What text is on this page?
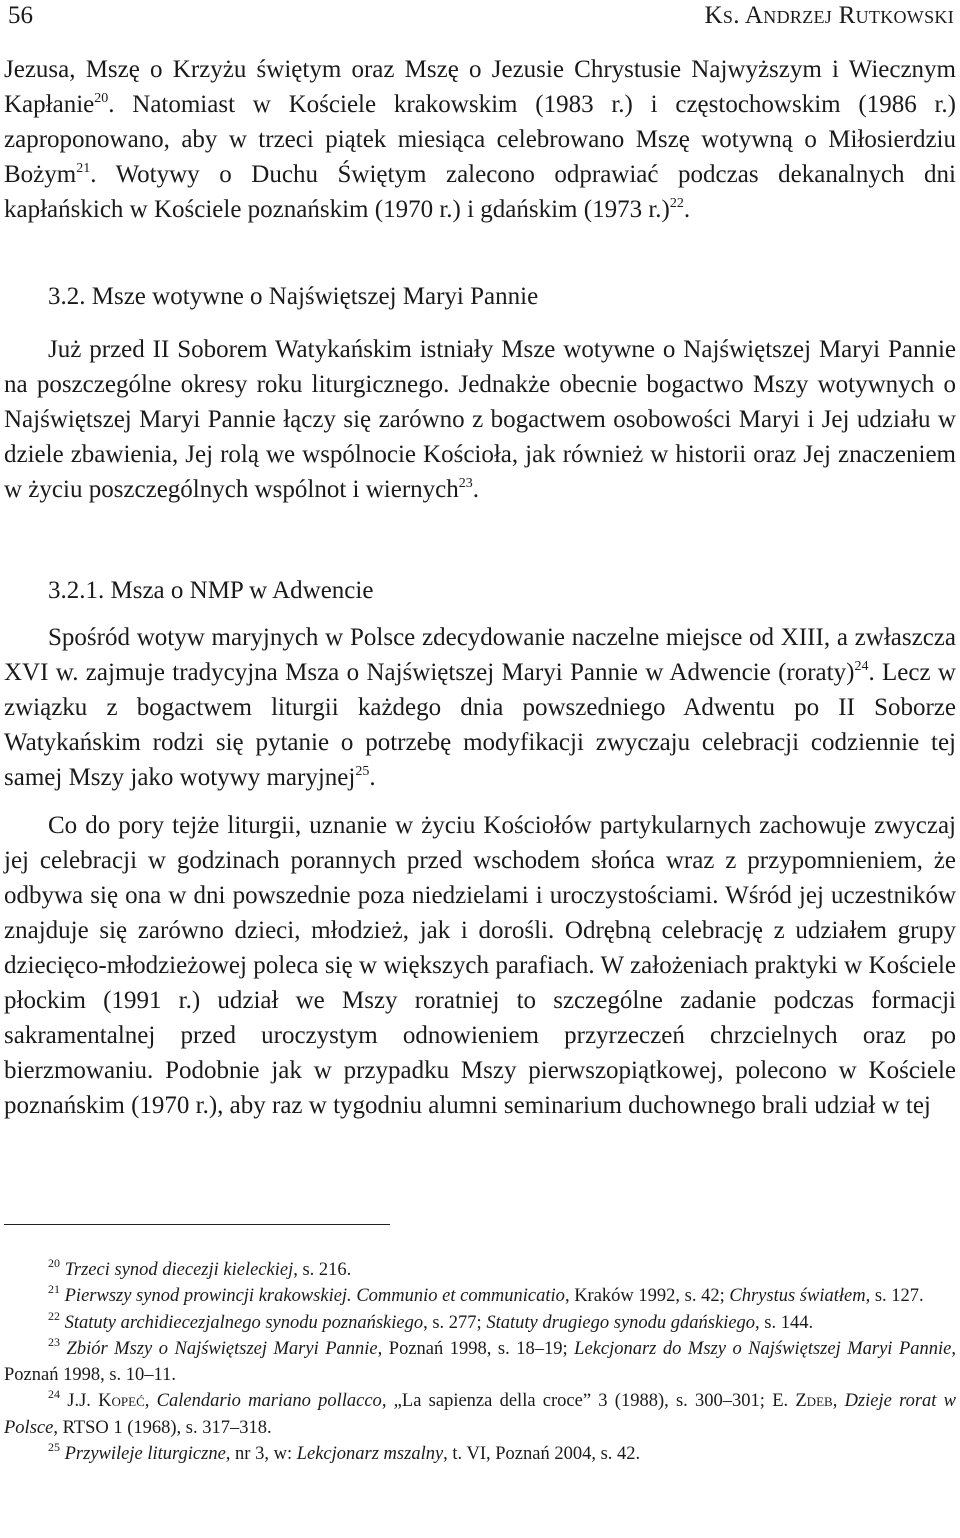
56	Ks. Andrzej Rutkowski

Jezusa, Mszę o Krzyżu świętym oraz Mszę o Jezusie Chrystusie Najwyższym i Wiecznym Kapłanie$^{20}$. Natomiast w Kościele krakowskim (1983 r.) i częstochowskim (1986 r.) zaproponowano, aby w trzeci piątek miesiąca celebrowano Mszę wotywną o Miłosierdziu Bożym$^{21}$. Wotywy o Duchu Świętym zalecono odprawiać podczas dekanalnych dni kapłańskich w Kościele poznańskim (1970 r.) i gdańskim (1973 r.)$^{22}$.

3.2. Msze wotywne o Najświętszej Maryi Pannie

Już przed II Soborem Watykańskim istniały Msze wotywne o Najświętszej Maryi Pannie na poszczególne okresy roku liturgicznego. Jednakże obecnie bogactwo Mszy wotywnych o Najświętszej Maryi Pannie łączy się zarówno z bogactwem osobowości Maryi i Jej udziału w dziele zbawienia, Jej rolą we wspólnocie Kościoła, jak również w historii oraz Jej znaczeniem w życiu poszczególnych wspólnot i wiernych$^{23}$.

3.2.1. Msza o NMP w Adwencie

Spośród wotyw maryjnych w Polsce zdecydowanie naczelne miejsce od XIII, a zwłaszcza XVI w. zajmuje tradycyjna Msza o Najświętszej Maryi Pannie w Adwencie (roraty)$^{24}$. Lecz w związku z bogactwem liturgii każdego dnia powszedniego Adwentu po II Soborze Watykańskim rodzi się pytanie o potrzebę modyfikacji zwyczaju celebracji codziennie tej samej Mszy jako wotywy maryjnej$^{25}$.

Co do pory tejże liturgii, uznanie w życiu Kościołów partykularnych zachowuje zwyczaj jej celebracji w godzinach porannych przed wschodem słońca wraz z przypomnieniem, że odbywa się ona w dni powszednie poza niedzielami i uroczystościami. Wśród jej uczestników znajduje się zarówno dzieci, młodzież, jak i dorośli. Odrębną celebrację z udziałem grupy dziecięco-młodzieżowej poleca się w większych parafiach. W założeniach praktyki w Kościele płockim (1991 r.) udział we Mszy roratniej to szczególne zadanie podczas formacji sakramentalnej przed uroczystym odnowieniem przyrzeczeń chrzcielnych oraz po bierzmowaniu. Podobnie jak w przypadku Mszy pierwszopiątkowej, polecono w Kościele poznańskim (1970 r.), aby raz w tygodniu alumni seminarium duchownego brali udział w tej

$^{20}$ Trzeci synod diecezji kieleckiej, s. 216.

$^{21}$ Pierwszy synod prowincji krakowskiej. Communio et communicatio, Kraków 1992, s. 42; Chrystus światłem, s. 127.

$^{22}$ Statuty archidiecezjalnego synodu poznańskiego, s. 277; Statuty drugiego synodu gdańskiego, s. 144.

$^{23}$ Zbiór Mszy o Najświętszej Maryi Pannie, Poznań 1998, s. 18–19; Lekcjonarz do Mszy o Najświętszej Maryi Pannie, Poznań 1998, s. 10–11.

$^{24}$ J.J. Kopeć, Calendario mariano pollacco, „La sapienza della croce” 3 (1988), s. 300–301; E. Zdeb, Dzieje rorat w Polsce, RTSO 1 (1968), s. 317–318.

$^{25}$ Przywileje liturgiczne, nr 3, w: Lekcjonarz mszalny, t. VI, Poznań 2004, s. 42.
